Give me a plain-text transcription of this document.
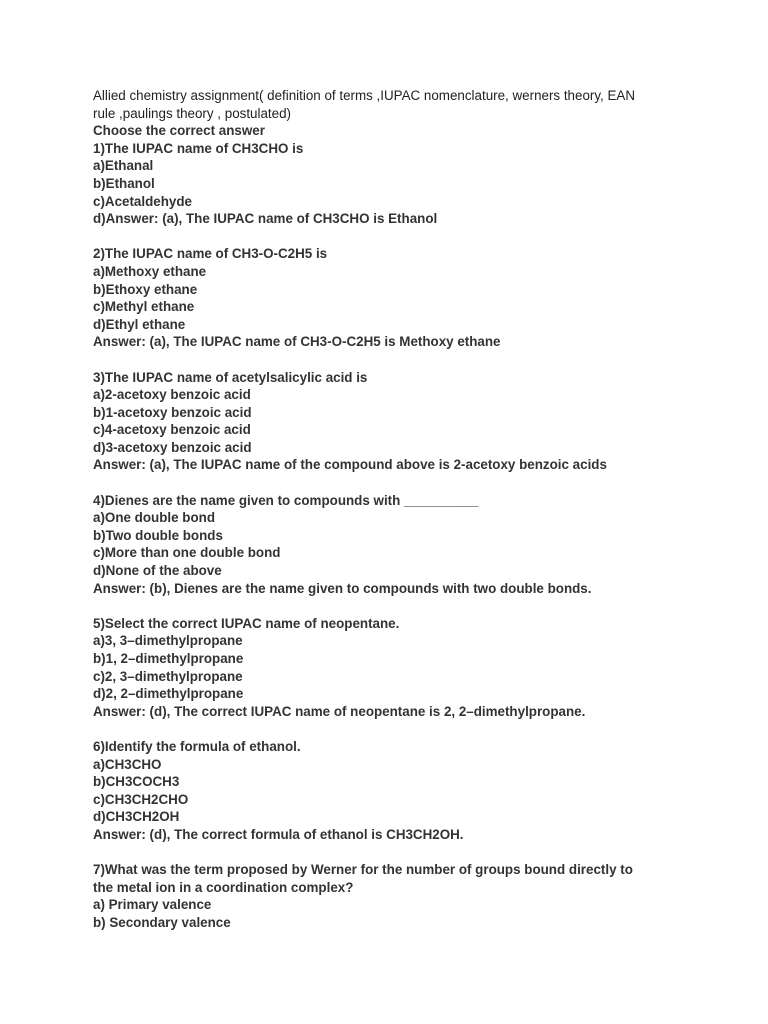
Allied chemistry assignment( definition of terms ,IUPAC nomenclature, werners theory, EAN
rule ,paulings theory , postulated)
Choose the correct answer
1)The IUPAC name of CH3CHO is
a)Ethanal
b)Ethanol
c)Acetaldehyde
d)Answer: (a), The IUPAC name of CH3CHO is Ethanol
2)The IUPAC name of CH3-O-C2H5 is
a)Methoxy ethane
b)Ethoxy ethane
c)Methyl ethane
d)Ethyl ethane
Answer: (a), The IUPAC name of CH3-O-C2H5 is Methoxy ethane
3)The IUPAC name of acetylsalicylic acid is
a)2-acetoxy benzoic acid
b)1-acetoxy benzoic acid
c)4-acetoxy benzoic acid
d)3-acetoxy benzoic acid
Answer: (a), The IUPAC name of the compound above is 2-acetoxy benzoic acids
4)Dienes are the name given to compounds with __________
a)One double bond
b)Two double bonds
c)More than one double bond
d)None of the above
Answer: (b), Dienes are the name given to compounds with two double bonds.
5)Select the correct IUPAC name of neopentane.
a)3, 3–dimethylpropane
b)1, 2–dimethylpropane
c)2, 3–dimethylpropane
d)2, 2–dimethylpropane
Answer: (d), The correct IUPAC name of neopentane is 2, 2–dimethylpropane.
6)Identify the formula of ethanol.
a)CH3CHO
b)CH3COCH3
c)CH3CH2CHO
d)CH3CH2OH
Answer: (d), The correct formula of ethanol is CH3CH2OH.
7)What was the term proposed by Werner for the number of groups bound directly to
the metal ion in a coordination complex?
a) Primary valence
b) Secondary valence
